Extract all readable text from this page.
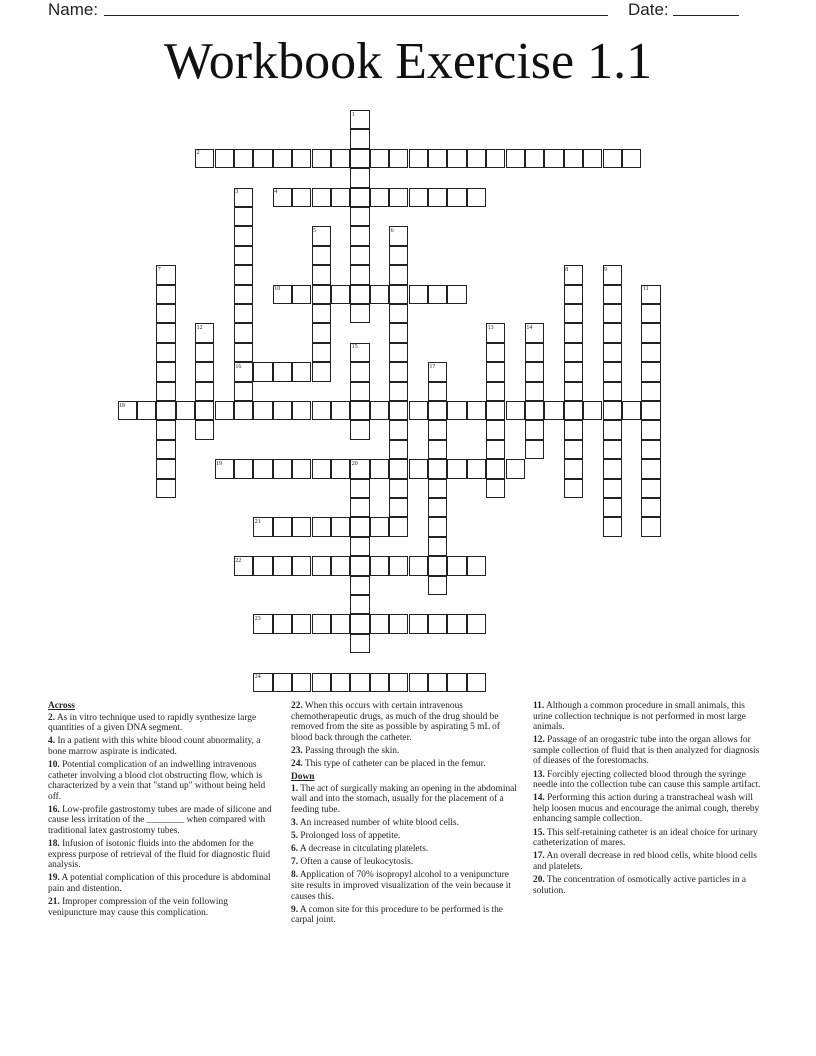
Name:	Date:
Workbook Exercise 1.1
1
2
3	4
5	6
7	8	9
10	11
12	13	14
15
16	17
18
19	20
21
22
23
24
Across
2. As in vitro technique used to rapidly synthesize large quantities of a given DNA segment.
4. In a patient with this white blood count abnormality, a bone marrow aspirate is indicated.
10. Potential complication of an indwelling intravenous catheter involving a blood clot obstructing flow, which is characterized by a vein that "stand up" without being held off.
16. Low-profile gastrostomy tubes are made of silicone and cause less irritation of the ________ when compared with traditional latex gastrostomy tubes.
18. Infusion of isotonic fluids into the abdomen for the express purpose of retrieval of the fluid for diagnostic fluid analysis.
19. A potential complication of this procedure is abdominal pain and distention.
21. Improper compression of the vein following venipuncture may cause this complication.
22. When this occurs with certain intravenous chemotherapeutic drugs, as much of the drug should be removed from the site as possible by aspirating 5 mL of blood back through the catheter.
23. Passing through the skin.
24. This type of catheter can be placed in the femur.
Down
1. The act of surgically making an opening in the abdominal wall and into the stomach, usually for the placement of a feeding tube.
3. An increased number of white blood cells.
5. Prolonged loss of appetite.
6. A decrease in citculating platelets.
7. Often a cause of leukocytosis.
8. Application of 70% isopropyl alcohol to a venipuncture site results in improved visualization of the vein because it causes this.
9. A comon site for this procedure to be performed is the carpal joint.
11. Although a common procedure in small animals, this urine collection technique is not performed in most large animals.
12. Passage of an orogastric tube into the organ allows for sample collection of fluid that is then analyzed for diagnosis of dieases of the forestomachs.
13. Forcibly ejecting collected blood through the syringe needle into the collection tube can cause this sample artifact.
14. Performing this action during a transtracheal wash will help loosen mucus and encourage the animal cough, thereby enhancing sample collection.
15. This self-retaining catheter is an ideal choice for urinary catheterization of mares.
17. An overall decrease in red blood cells, white blood cells and platelets.
20. The concentration of osmotically active particles in a solution.
